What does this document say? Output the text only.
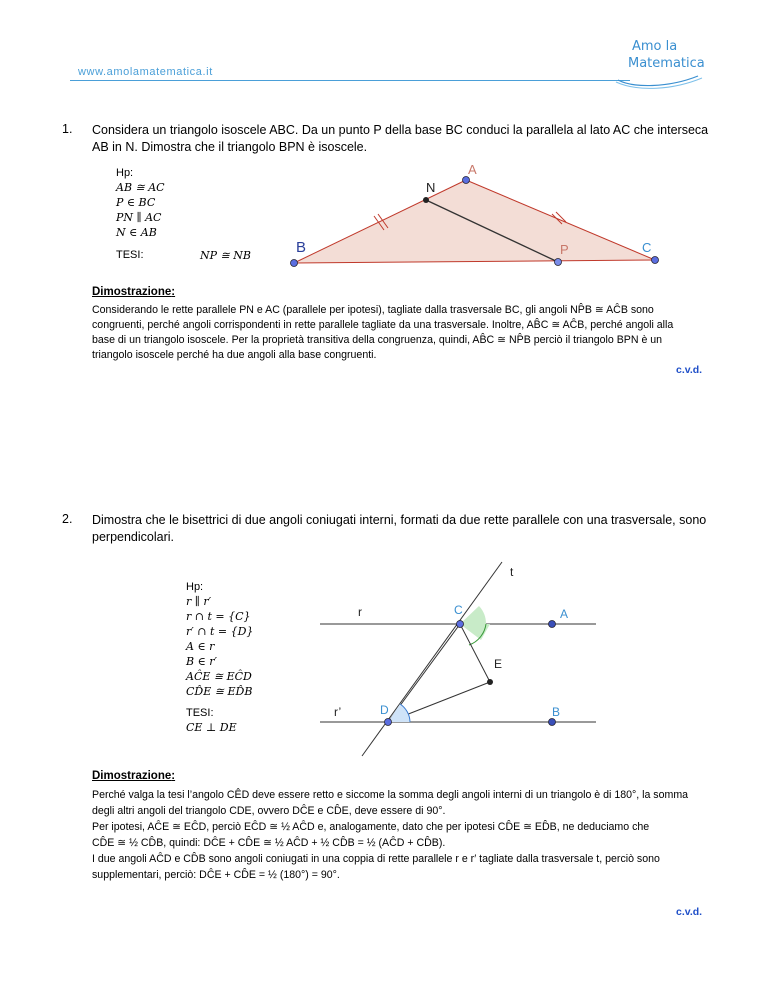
www.amolamatematica.it
Amo la
Matematica
1. Considera un triangolo isoscele ABC. Da un punto P della base BC conduci la parallela al lato AC che interseca AB in N. Dimostra che il triangolo BPN è isoscele.
Hp:
AB ≅ AC
P ∈ BC
PN ∥ AC
N ∈ AB
TESI:	NP ≅ NB
A
B	C
N
P
Dimostrazione:
Considerando le rette parallele PN e AC (parallele per ipotesi), tagliate dalla trasversale BC, gli angoli NP̂B ≅ AĈB sono
congruenti, perché angoli corrispondenti in rette parallele tagliate da una trasversale. Inoltre, AB̂C ≅ AĈB, perché angoli alla
base di un triangolo isoscele. Per la proprietà transitiva della congruenza, quindi, AB̂C ≅ NP̂B perciò il triangolo BPN è un
triangolo isoscele perché ha due angoli alla base congruenti.
c.v.d.
2. Dimostra che le bisettrici di due angoli coniugati interni, formati da due rette parallele con una trasversale, sono perpendicolari.
Hp:
r ∥ r′
r ∩ t = {C}
r′ ∩ t = {D}
A ∈ r
B ∈ r′
AĈE ≅ EĈD
CD̂E ≅ ED̂B
TESI:
CE ⊥ DE
t
r
r’
C	A
E
D	B
Dimostrazione:
Perché valga la tesi l’angolo CÊD deve essere retto e siccome la somma degli angoli interni di un triangolo è di 180°, la somma
degli altri angoli del triangolo CDE, ovvero DĈE e CD̂E, deve essere di 90°.
Per ipotesi, AĈE ≅ EĈD, perciò EĈD ≅ ½ AĈD e, analogamente, dato che per ipotesi CD̂E ≅ ED̂B, ne deduciamo che
CD̂E ≅ ½ CD̂B, quindi: DĈE + CD̂E ≅ ½ AĈD + ½ CD̂B = ½ (AĈD + CD̂B).
I due angoli AĈD e CD̂B sono angoli coniugati in una coppia di rette parallele r e r′ tagliate dalla trasversale t, perciò sono
supplementari, perciò: DĈE + CD̂E = ½ (180°) = 90°.
c.v.d.
